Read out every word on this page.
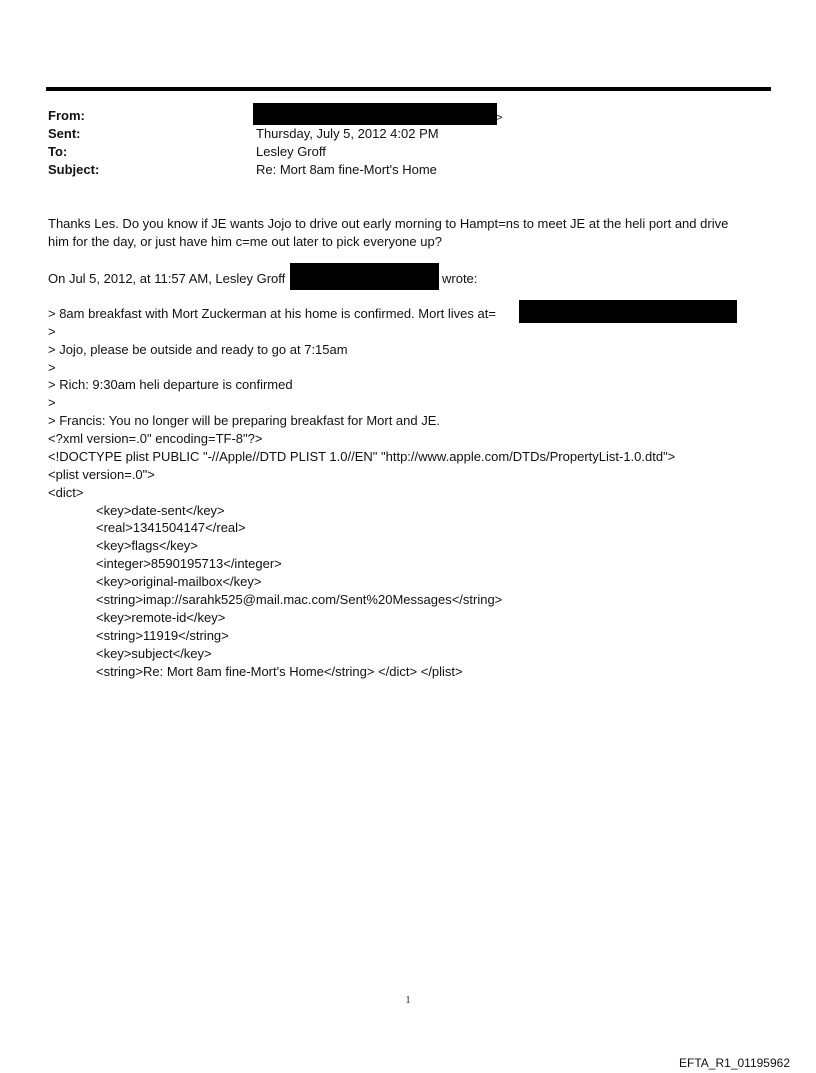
From:	>
Sent:	Thursday, July 5, 2012 4:02 PM
To:	Lesley Groff
Subject:	Re: Mort 8am fine-Mort's Home
Thanks Les. Do you know if JE wants Jojo to drive out early morning to Hampt=ns to meet JE at the heli port and drive
him for the day, or just have him c=me out later to pick everyone up?
On Jul 5, 2012, at 11:57 AM, Lesley Groff	wrote:
> 8am breakfast with Mort Zuckerman at his home is confirmed. Mort lives at=
>
> Jojo, please be outside and ready to go at 7:15am
>
> Rich: 9:30am heli departure is confirmed
>
> Francis: You no longer will be preparing breakfast for Mort and JE.
<?xml version=.0" encoding=TF-8"?>
<!DOCTYPE plist PUBLIC "-//Apple//DTD PLIST 1.0//EN" "http://www.apple.com/DTDs/PropertyList-1.0.dtd">
<plist version=.0">
<dict>
<key>date-sent</key>
<real>1341504147</real>
<key>flags</key>
<integer>8590195713</integer>
<key>original-mailbox</key>
<string>imap://sarahk525@mail.mac.com/Sent%20Messages</string>
<key>remote-id</key>
<string>11919</string>
<key>subject</key>
<string>Re: Mort 8am fine-Mort's Home</string> </dict> </plist>
1
EFTA_R1_01195962
